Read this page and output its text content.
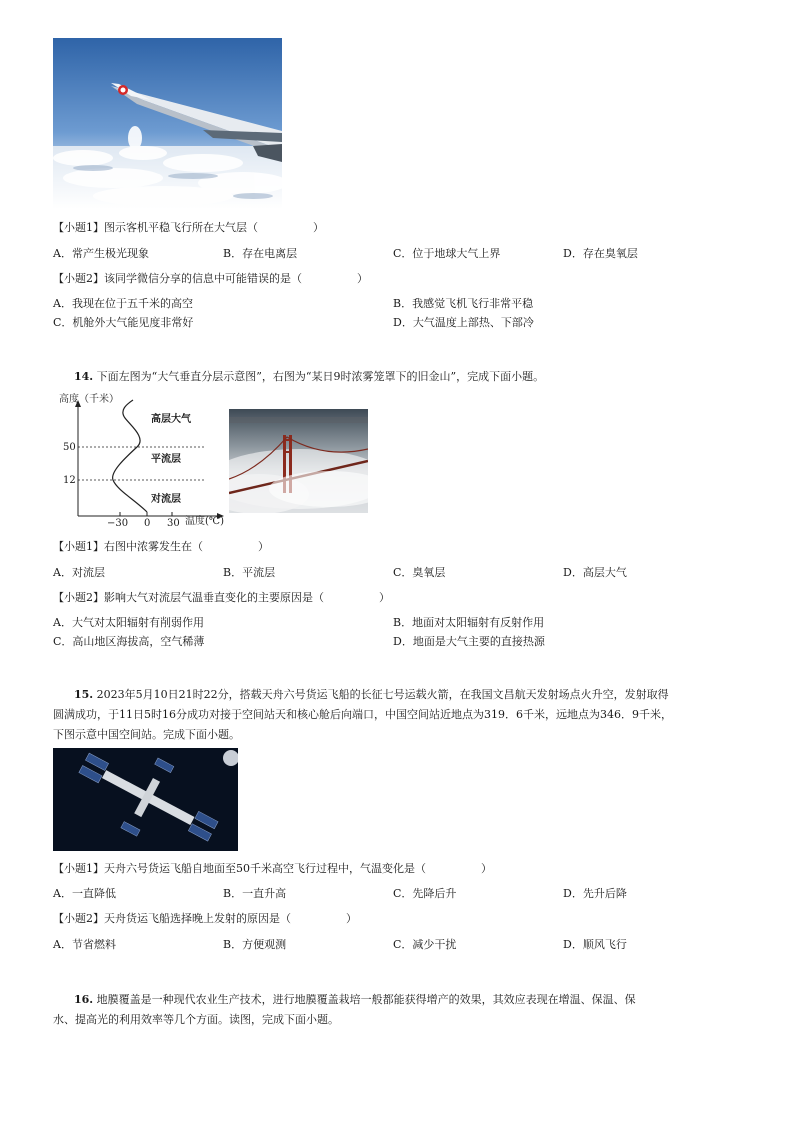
【小题1】图示客机平稳飞行所在大气层（　　　　　）
A．常产生极光现象	B．存在电离层	C．位于地球大气上界	D．存在臭氧层
【小题2】该同学微信分享的信息中可能错误的是（　　　　　）
A．我现在位于五千米的高空	B．我感觉飞机飞行非常平稳
C．机舱外大气能见度非常好	D．大气温度上部热、下部冷
14. 下面左图为“大气垂直分层示意图”，右图为“某日9时浓雾笼罩下的旧金山”，完成下面小题。
高度（千米）
50
12
−30 0 30 温度(℃)
高层大气
平流层
对流层
【小题1】右图中浓雾发生在（　　　　　）
A．对流层	B．平流层	C．臭氧层	D．高层大气
【小题2】影响大气对流层气温垂直变化的主要原因是（　　　　　）
A．大气对太阳辐射有削弱作用	B．地面对太阳辐射有反射作用
C．高山地区海拔高，空气稀薄	D．地面是大气主要的直接热源
15. 2023年5月10日21时22分，搭载天舟六号货运飞船的长征七号运载火箭，在我国文昌航天发射场点火升空，发射取得
圆满成功，于11日5时16分成功对接于空间站天和核心舱后向端口，中国空间站近地点为319．6千米，远地点为346．9千米，
下图示意中国空间站。完成下面小题。
【小题1】天舟六号货运飞船自地面至50千米高空飞行过程中，气温变化是（　　　　　）
A．一直降低	B．一直升高	C．先降后升	D．先升后降
【小题2】天舟货运飞船选择晚上发射的原因是（　　　　　）
A．节省燃料	B．方便观测	C．减少干扰	D．顺风飞行
16. 地膜覆盖是一种现代农业生产技术，进行地膜覆盖栽培一般都能获得增产的效果，其效应表现在增温、保温、保
水、提高光的利用效率等几个方面。读图，完成下面小题。
